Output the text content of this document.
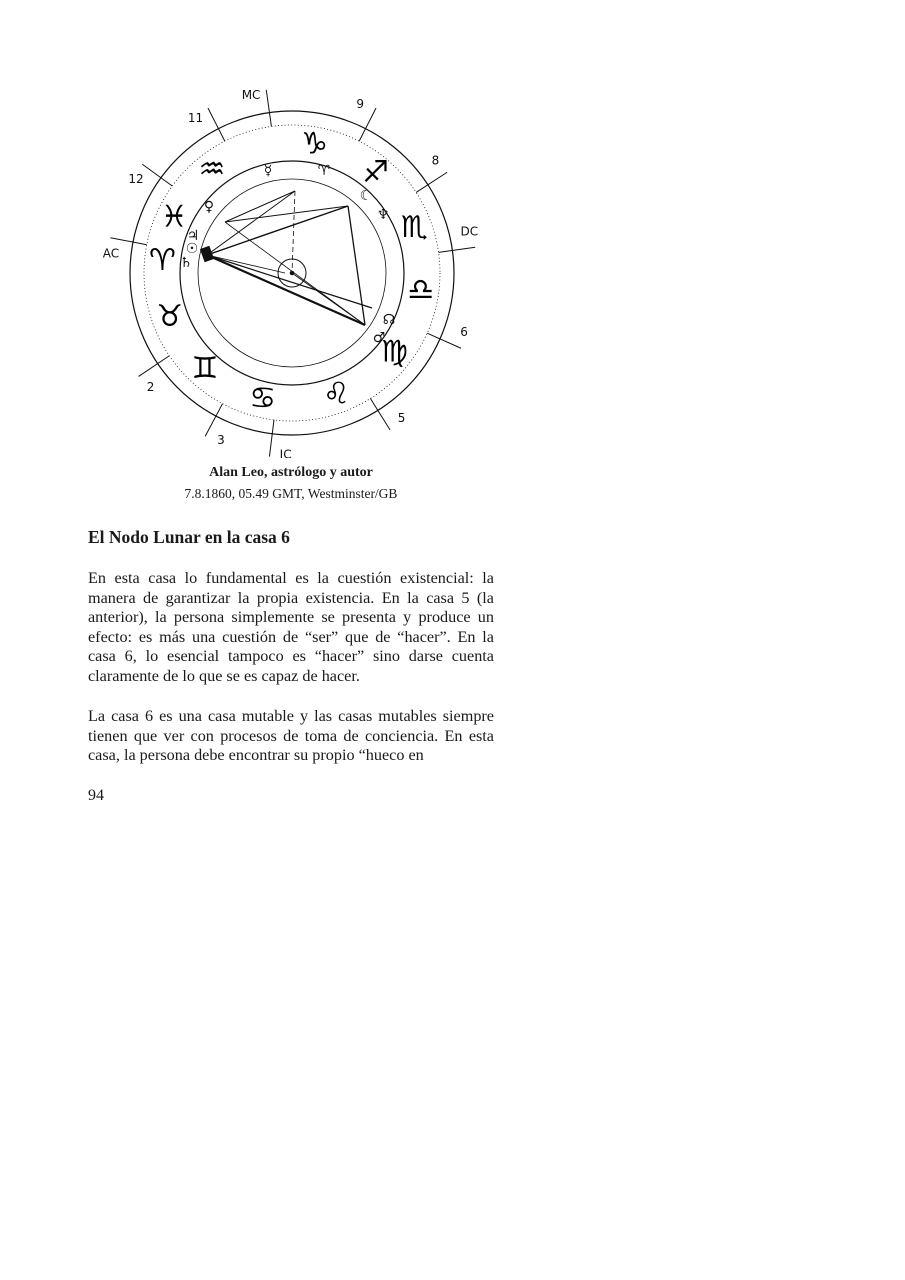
MC
9
8
DC
6
5
IC
3
2
AC
12
11
♑
♐
♏
♎
♍
♌
♋
♊
♉
♈
♓
♒
♀
☿	♈
☾
♆
♃
☉
♄
☊
♂
Alan Leo, astrólogo y autor
7.8.1860, 05.49 GMT, Westminster/GB
El Nodo Lunar en la casa 6

En esta casa lo fundamental es la cuestión existencial: la manera de garantizar la propia existencia. En la casa 5 (la anterior), la persona simplemente se presenta y produce un efecto: es más una cuestión de “ser” que de “hacer”. En la casa 6, lo esencial tampoco es “hacer” sino darse cuenta claramente de lo que se es capaz de hacer.

La casa 6 es una casa mutable y las casas mutables siempre tienen que ver con procesos de toma de conciencia. En esta casa, la persona debe encontrar su propio “hueco en

94
